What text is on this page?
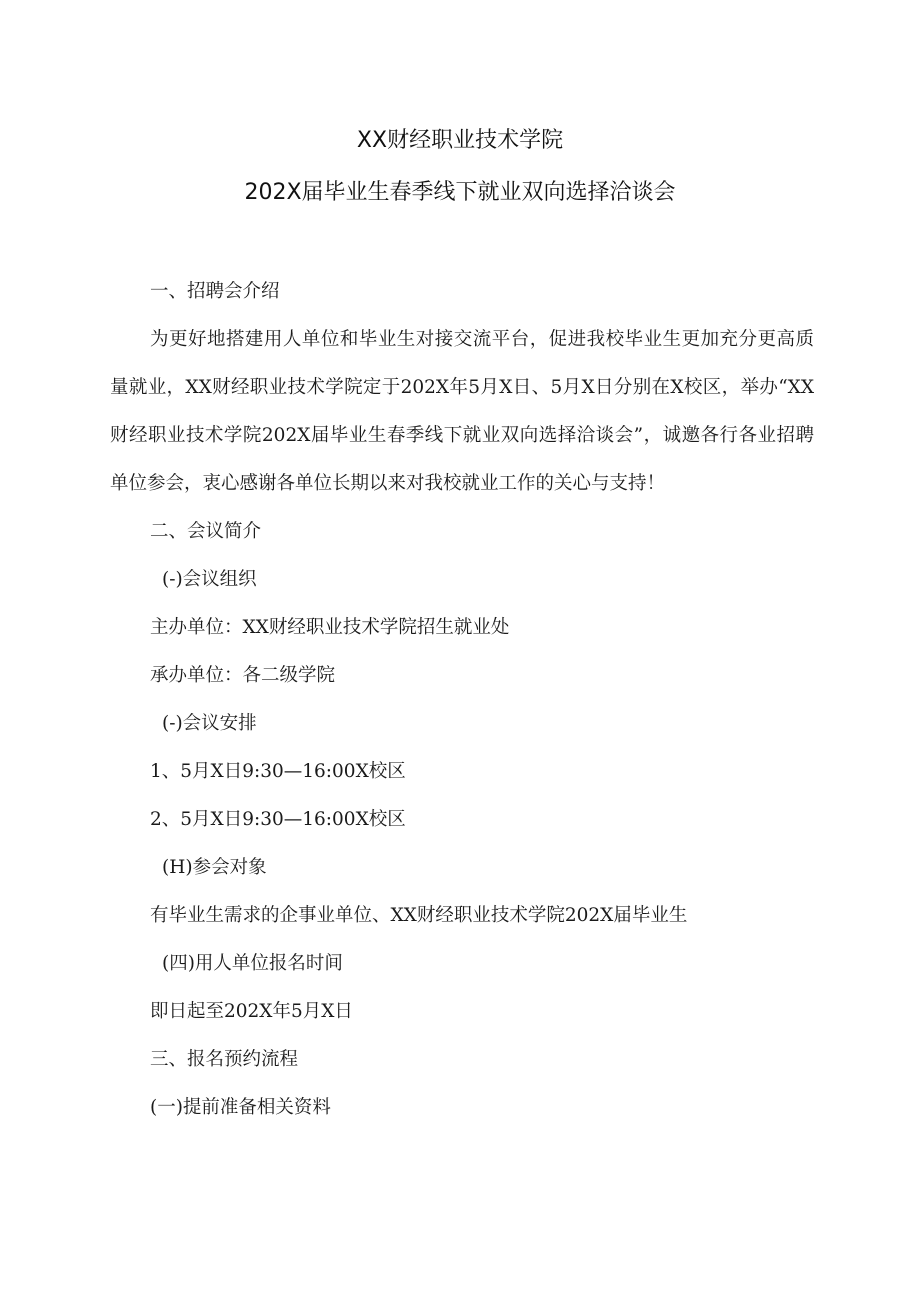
XX财经职业技术学院
202X届毕业生春季线下就业双向选择洽谈会

一、招聘会介绍

为更好地搭建用人单位和毕业生对接交流平台，促进我校毕业生更加充分更高质量就业，XX财经职业技术学院定于202X年5月X日、5月X日分别在X校区，举办“XX财经职业技术学院202X届毕业生春季线下就业双向选择洽谈会”，诚邀各行各业招聘单位参会，衷心感谢各单位长期以来对我校就业工作的关心与支持！

二、会议简介

(-)会议组织

主办单位：XX财经职业技术学院招生就业处

承办单位：各二级学院

(-)会议安排

1、5月X日9:30—16:00X校区

2、5月X日9:30—16:00X校区

(H)参会对象

有毕业生需求的企事业单位、XX财经职业技术学院202X届毕业生

(四)用人单位报名时间

即日起至202X年5月X日

三、报名预约流程

(一)提前准备相关资料
